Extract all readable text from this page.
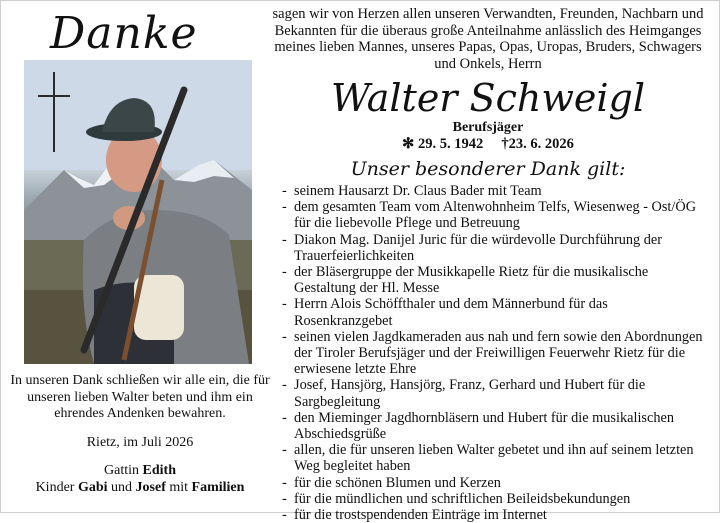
Danke

In unseren Dank schließen wir alle ein, die für unseren lieben Walter beten und ihm ein ehrendes Andenken bewahren.

Rietz, im Juli 2026

Gattin Edith

Kinder Gabi und Josef mit Familien

sagen wir von Herzen allen unseren Verwandten, Freunden, Nachbarn und Bekannten für die überaus große Anteilnahme anlässlich des Heimganges meines lieben Mannes, unseres Papas, Opas, Uropas, Bruders, Schwagers und Onkels, Herrn

Walter Schweigl
Berufsjäger
✻ 29. 5. 1942 †23. 6. 2026
Unser besonderer Dank gilt:
- seinem Hausarzt Dr. Claus Bader mit Team
- dem gesamten Team vom Altenwohnheim Telfs, Wiesenweg - Ost/ÖG für die liebevolle Pflege und Betreuung
- Diakon Mag. Danijel Juric für die würdevolle Durchführung der Trauerfeierlichkeiten
- der Bläsergruppe der Musikkapelle Rietz für die musikalische Gestaltung der Hl. Messe
- Herrn Alois Schöffthaler und dem Männerbund für das Rosenkranzgebet
- seinen vielen Jagdkameraden aus nah und fern sowie den Abordnungen der Tiroler Berufsjäger und der Freiwilligen Feuerwehr Rietz für die erwiesene letzte Ehre
- Josef, Hansjörg, Hansjörg, Franz, Gerhard und Hubert für die Sargbegleitung
- den Mieminger Jagdhornbläsern und Hubert für die musikalischen Abschiedsgrüße
- allen, die für unseren lieben Walter gebetet und ihn auf seinem letzten Weg begleitet haben
- für die schönen Blumen und Kerzen
- für die mündlichen und schriftlichen Beileidsbekundungen
- für die trostspendenden Einträge im Internet
